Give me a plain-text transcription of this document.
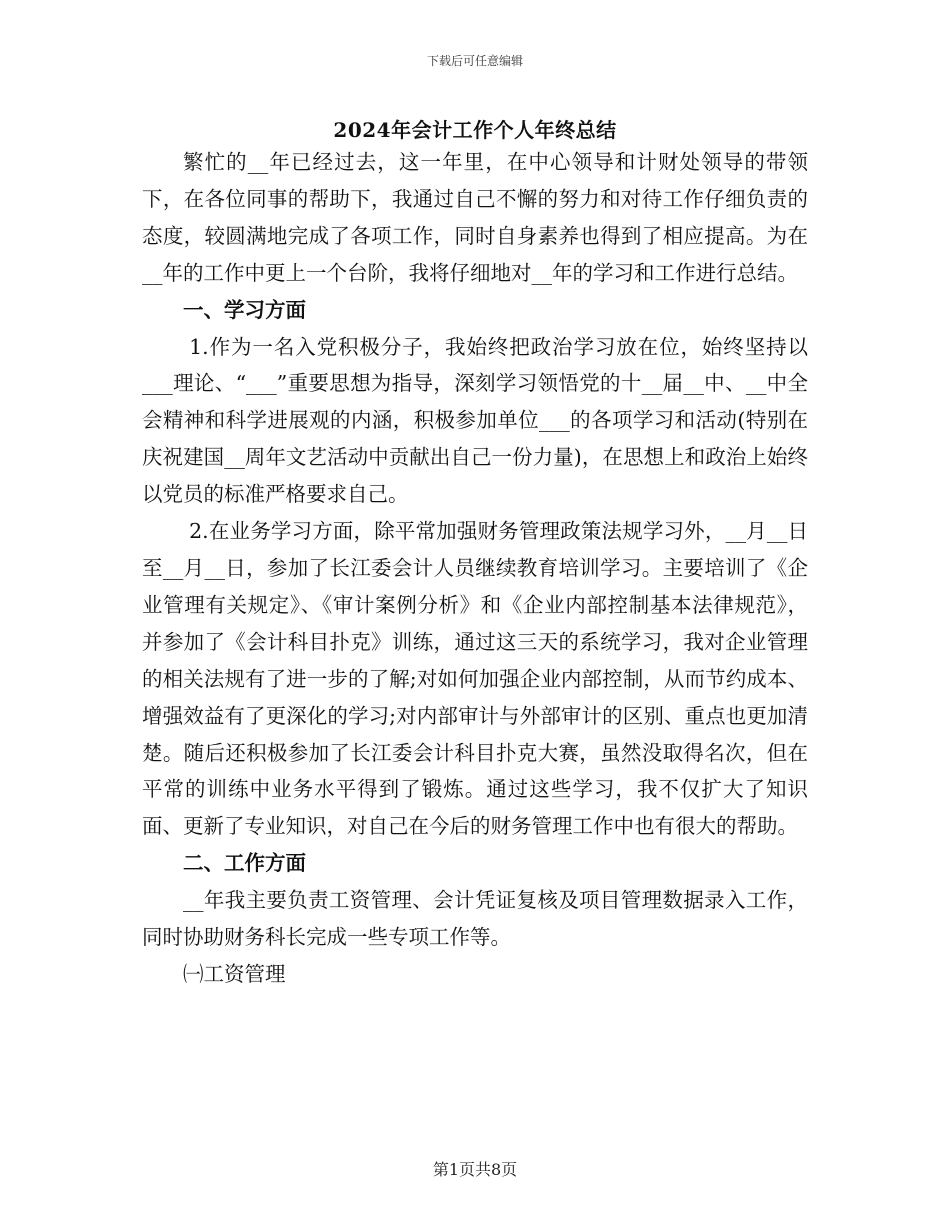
下载后可任意编辑
2024年会计工作个人年终总结

繁忙的__年已经过去，这一年里，在中心领导和计财处领导的带领下，在各位同事的帮助下，我通过自己不懈的努力和对待工作仔细负责的态度，较圆满地完成了各项工作，同时自身素养也得到了相应提高。为在__年的工作中更上一个台阶，我将仔细地对__年的学习和工作进行总结。

一、学习方面

1.作为一名入党积极分子，我始终把政治学习放在位，始终坚持以___理论、“___”重要思想为指导，深刻学习领悟党的十__届__中、__中全会精神和科学进展观的内涵，积极参加单位___的各项学习和活动(特别在庆祝建国__周年文艺活动中贡献出自己一份力量)，在思想上和政治上始终以党员的标准严格要求自己。

2.在业务学习方面，除平常加强财务管理政策法规学习外，__月__日至__月__日，参加了长江委会计人员继续教育培训学习。主要培训了《企业管理有关规定》、《审计案例分析》和《企业内部控制基本法律规范》，并参加了《会计科目扑克》训练，通过这三天的系统学习，我对企业管理的相关法规有了进一步的了解;对如何加强企业内部控制，从而节约成本、增强效益有了更深化的学习;对内部审计与外部审计的区别、重点也更加清楚。随后还积极参加了长江委会计科目扑克大赛，虽然没取得名次，但在平常的训练中业务水平得到了锻炼。通过这些学习，我不仅扩大了知识面、更新了专业知识，对自己在今后的财务管理工作中也有很大的帮助。

二、工作方面

__年我主要负责工资管理、会计凭证复核及项目管理数据录入工作，同时协助财务科长完成一些专项工作等。

㈠工资管理

第1页共8页
